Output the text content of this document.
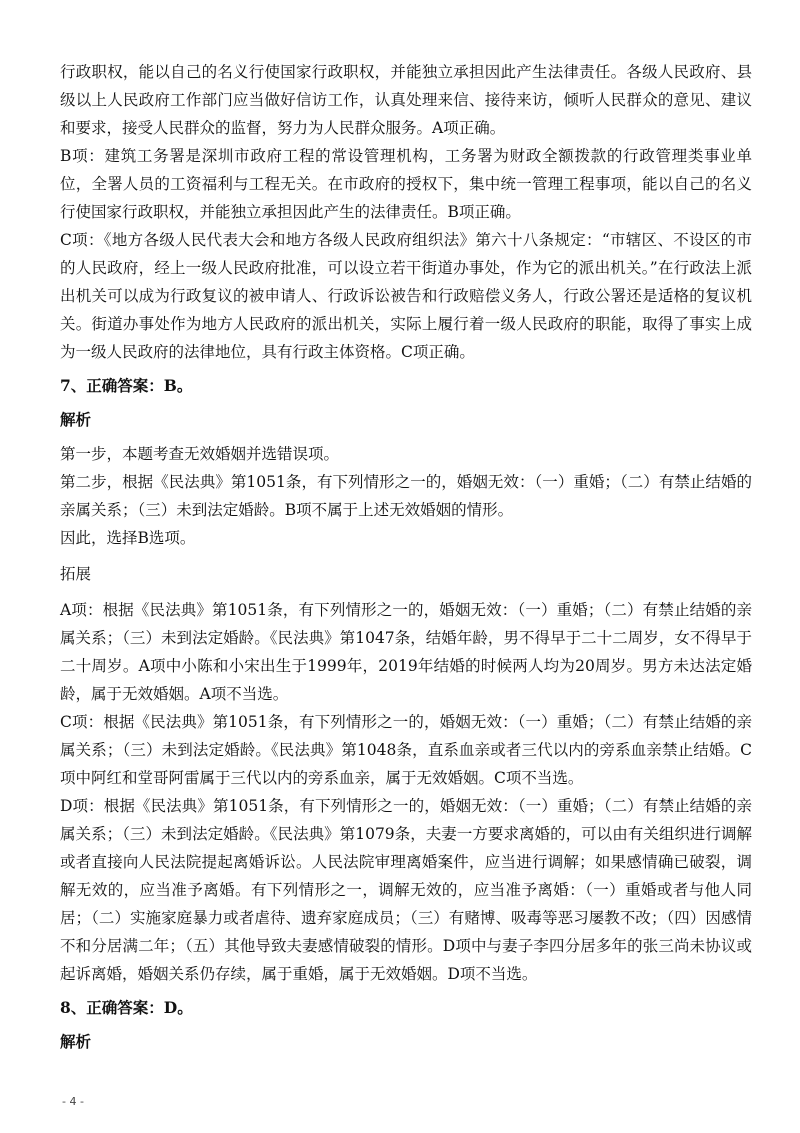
行政职权，能以自己的名义行使国家行政职权，并能独立承担因此产生法律责任。各级人民政府、县级以上人民政府工作部门应当做好信访工作，认真处理来信、接待来访，倾听人民群众的意见、建议和要求，接受人民群众的监督，努力为人民群众服务。A项正确。

B项：建筑工务署是深圳市政府工程的常设管理机构，工务署为财政全额拨款的行政管理类事业单位，全署人员的工资福利与工程无关。在市政府的授权下，集中统一管理工程事项，能以自己的名义行使国家行政职权，并能独立承担因此产生的法律责任。B项正确。

C项：《地方各级人民代表大会和地方各级人民政府组织法》第六十八条规定：“市辖区、不设区的市的人民政府，经上一级人民政府批准，可以设立若干街道办事处，作为它的派出机关。”在行政法上派出机关可以成为行政复议的被申请人、行政诉讼被告和行政赔偿义务人，行政公署还是适格的复议机关。街道办事处作为地方人民政府的派出机关，实际上履行着一级人民政府的职能，取得了事实上成为一级人民政府的法律地位，具有行政主体资格。C项正确。

7、正确答案：B。

解析

第一步，本题考查无效婚姻并选错误项。

第二步，根据《民法典》第1051条，有下列情形之一的，婚姻无效：（一）重婚；（二）有禁止结婚的亲属关系；（三）未到法定婚龄。B项不属于上述无效婚姻的情形。

因此，选择B选项。

拓展

A项：根据《民法典》第1051条，有下列情形之一的，婚姻无效：（一）重婚；（二）有禁止结婚的亲属关系；（三）未到法定婚龄。《民法典》第1047条，结婚年龄，男不得早于二十二周岁，女不得早于二十周岁。A项中小陈和小宋出生于1999年，2019年结婚的时候两人均为20周岁。男方未达法定婚龄，属于无效婚姻。A项不当选。

C项：根据《民法典》第1051条，有下列情形之一的，婚姻无效：（一）重婚；（二）有禁止结婚的亲属关系；（三）未到法定婚龄。《民法典》第1048条，直系血亲或者三代以内的旁系血亲禁止结婚。C项中阿红和堂哥阿雷属于三代以内的旁系血亲，属于无效婚姻。C项不当选。

D项：根据《民法典》第1051条，有下列情形之一的，婚姻无效：（一）重婚；（二）有禁止结婚的亲属关系；（三）未到法定婚龄。《民法典》第1079条，夫妻一方要求离婚的，可以由有关组织进行调解或者直接向人民法院提起离婚诉讼。人民法院审理离婚案件，应当进行调解；如果感情确已破裂，调解无效的，应当准予离婚。有下列情形之一，调解无效的，应当准予离婚：（一）重婚或者与他人同居；（二）实施家庭暴力或者虐待、遗弃家庭成员；（三）有赌博、吸毒等恶习屡教不改；（四）因感情不和分居满二年；（五）其他导致夫妻感情破裂的情形。D项中与妻子李四分居多年的张三尚未协议或起诉离婚，婚姻关系仍存续，属于重婚，属于无效婚姻。D项不当选。

8、正确答案：D。

解析

- 4 -
